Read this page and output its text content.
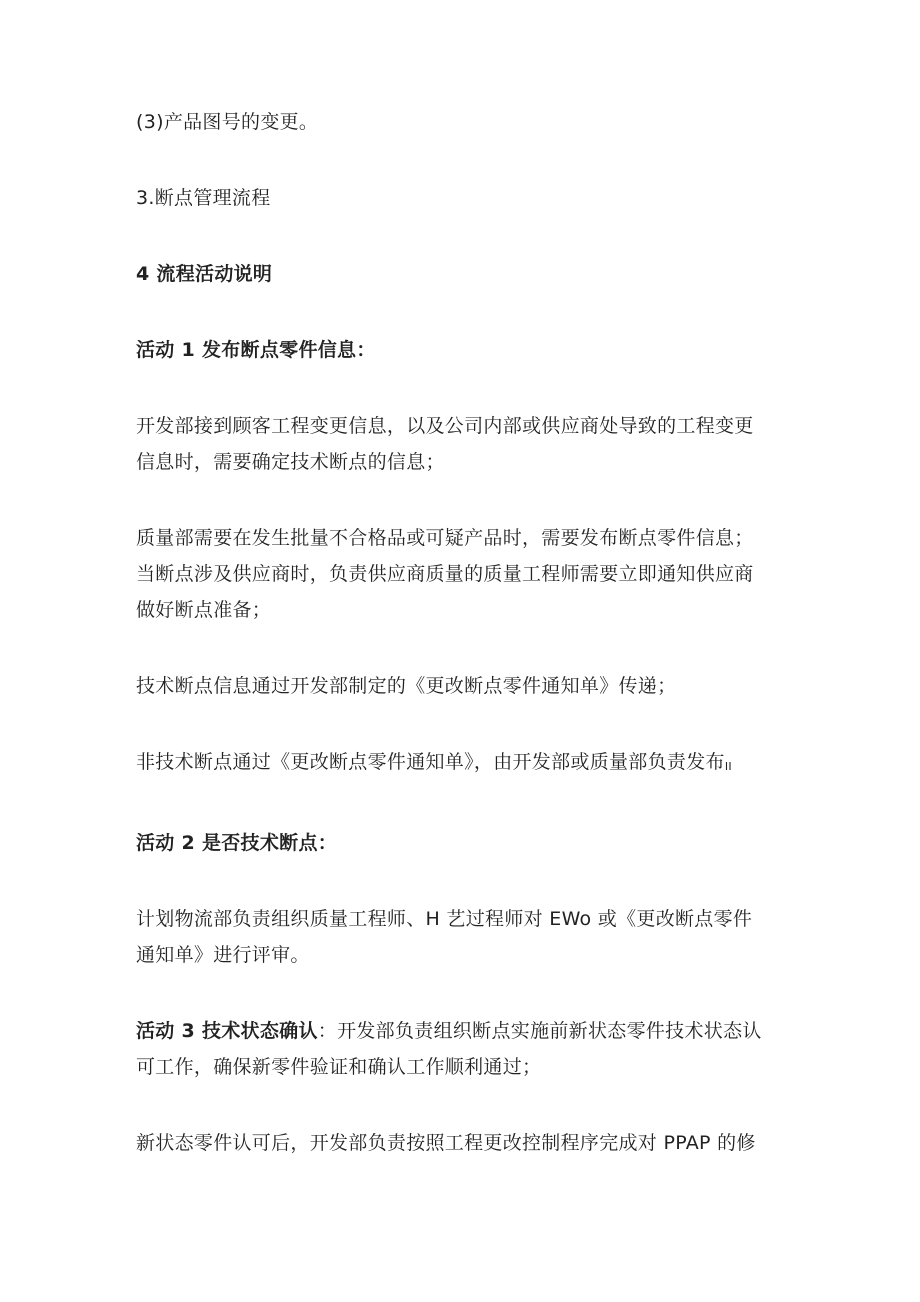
(3)产品图号的变更。

3.断点管理流程

4 流程活动说明

活动 1 发布断点零件信息：

开发部接到顾客工程变更信息，以及公司内部或供应商处导致的工程变更
信息时，需要确定技术断点的信息；

质量部需要在发生批量不合格品或可疑产品时，需要发布断点零件信息；
当断点涉及供应商时，负责供应商质量的质量工程师需要立即通知供应商
做好断点准备；

技术断点信息通过开发部制定的《更改断点零件通知单》传递；

非技术断点通过《更改断点零件通知单》，由开发部或质量部负责发布II

活动 2 是否技术断点：

计划物流部负责组织质量工程师、H 艺过程师对 EWo 或《更改断点零件
通知单》进行评审。

活动 3 技术状态确认：开发部负责组织断点实施前新状态零件技术状态认
可工作，确保新零件验证和确认工作顺利通过；

新状态零件认可后，开发部负责按照工程更改控制程序完成对 PPAP 的修
